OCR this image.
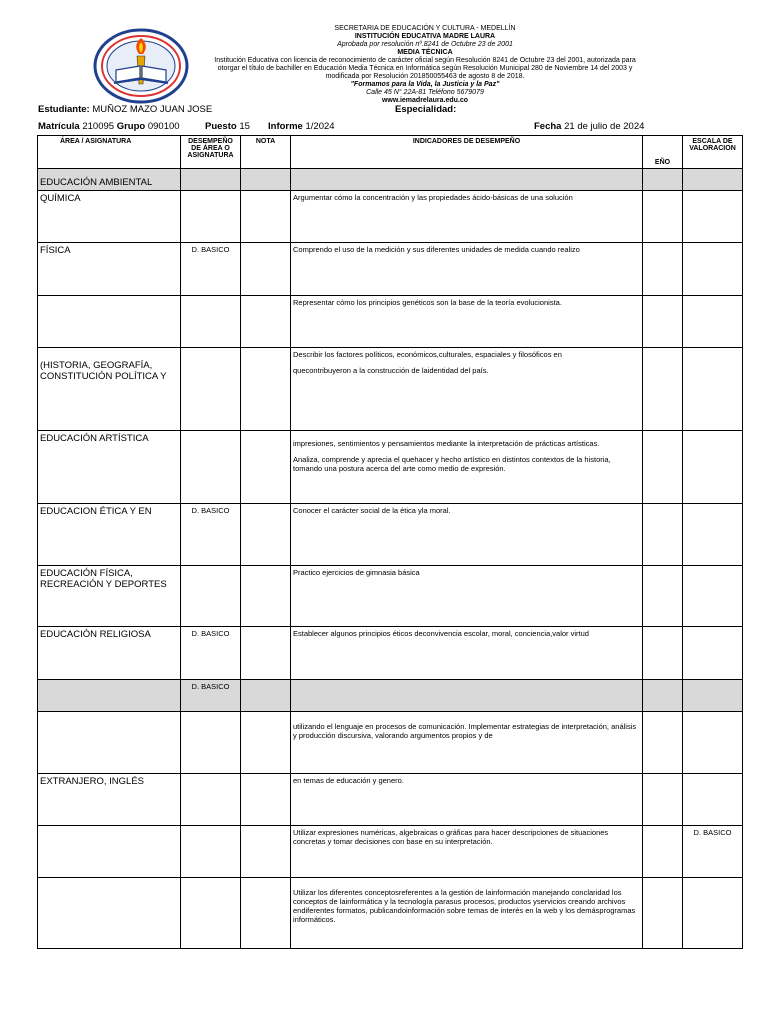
SECRETARIA DE EDUCACIÓN Y CULTURA - MEDELLÍN
INSTITUCIÓN EDUCATIVA MADRE LAURA
Aprobada por resolución nº.8241 de Octubre 23 de 2001
MEDIA TÉCNICA
Institución Educativa con licencia de reconocimiento de carácter oficial según Resolución 8241 de Octubre 23 del 2001, autorizada para
otorgar el título de bachiller en Educación Media Técnica en Informática según Resolución Municipal 280 de Noviembre 14 del 2003 y
modificada por Resolución 201850055463 de agosto 8 de 2018.
"Formamos para la Vida, la Justicia y la Paz"
Calle 45 N° 22A-81 Teléfono 5679079
www.iemadrelaura.edu.co
Estudiante: MUÑOZ MAZO JUAN JOSE	Especialidad:
Matrícula 210095 Grupo 090100	Puesto 15 Informe 1/2024	Fecha 21 de julio de 2024
ÁREA / ASIGNATURA	DESEMPEÑO DE ÁREA O ASIGNATURA	NOTA	INDICADORES DE DESEMPEÑO	EÑO	ESCALA DE VALORACION
EDUCACIÓN AMBIENTAL					
QUÍMICA			Argumentar cómo la concentración y las propiedades ácido-básicas de una solución		

FÍSICA	D. BASICO		Comprendo el uso de la medición y sus diferentes unidades de medida cuando realizo		

			Representar cómo los principios genéticos son la base de la teoría evolucionista.		

(HISTORIA, GEOGRAFÍA, CONSTITUCIÓN POLÍTICA Y			Describir los factores políticos, económicos,culturales, espaciales y filosóficos en

quecontribuyeron a la construcción de laidentidad del país.		

EDUCACIÓN ARTÍSTICA			impresiones, sentimientos y pensamientos mediante la interpretación de prácticas artísticas.

Analiza, comprende y aprecia el quehacer y hecho artístico en distintos contextos de la historia, tomando una postura acerca del arte como medio de expresión.		

EDUCACION ÉTICA Y EN	D. BASICO		Conocer el carácter social de la ética yla moral.		

EDUCACIÓN FÍSICA, RECREACIÓN Y DEPORTES			Practico ejercicios de gimnasia básica		

EDUCACIÓN RELIGIOSA	D. BASICO		Establecer algunos principios éticos deconvivencia escolar, moral, conciencia,valor virtud		

	D. BASICO				

			utilizando el lenguaje en procesos de comunicación. Implementar estrategias de interpretación, análisis y producción discursiva, valorando argumentos propios y de		

EXTRANJERO, INGLÉS			en temas de educación y genero.		

			Utilizar expresiones numéricas, algebraicas o gráficas para hacer descripciones de situaciones concretas y tomar decisiones con base en su interpretación.		D. BASICO

			Utilizar los diferentes conceptosreferentes a la gestión de lainformación manejando conclaridad los conceptos de lainformática y la tecnología parasus procesos, productos yservicios creando archivos endiferentes formatos, publicandoinformación sobre temas de interés en la web y los demásprogramas informáticos.		
